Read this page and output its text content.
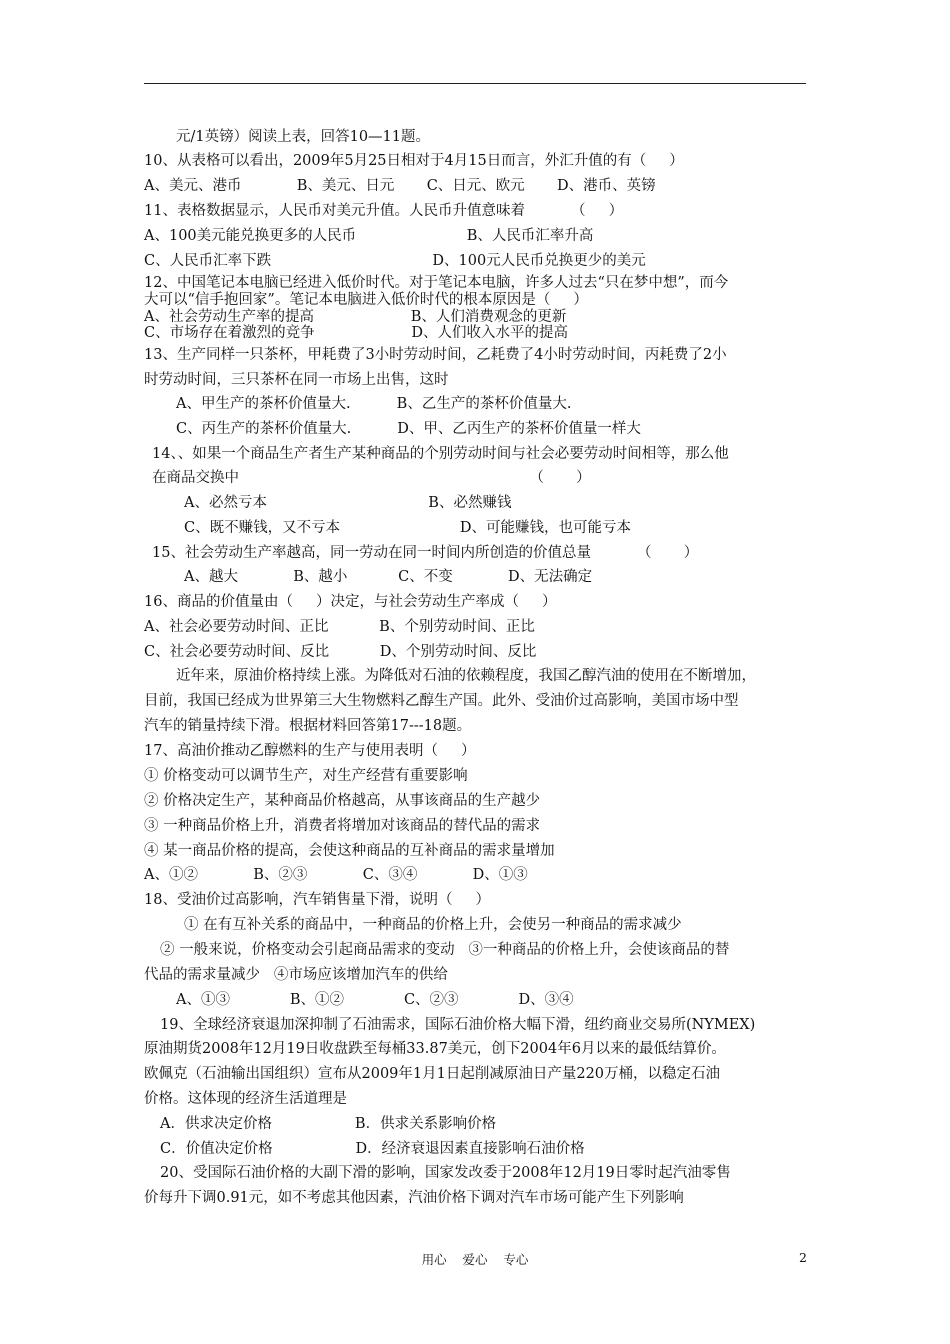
元/1英镑）阅读上表，回答10—11题。
10、从表格可以看出，2009年5月25日相对于4月15日而言，外汇升值的有（     ）
A、美元、港币            B、美元、日元       C、日元、欧元       D、港币、英镑
11、表格数据显示，人民币对美元升值。人民币升值意味着          （     ）
A、100美元能兑换更多的人民币                        B、人民币汇率升高
C、人民币汇率下跌                                   D、100元人民币兑换更少的美元
12、中国笔记本电脑已经进入低价时代。对于笔记本电脑，许多人过去“只在梦中想”，而今
大可以“信手抱回家”。笔记本电脑进入低价时代的根本原因是（     ）
A、社会劳动生产率的提高                     B、人们消费观念的更新
C、市场存在着激烈的竞争                     D、人们收入水平的提高
13、生产同样一只茶杯，甲耗费了3小时劳动时间，乙耗费了4小时劳动时间，丙耗费了2小
时劳动时间，三只茶杯在同一市场上出售，这时
A、甲生产的茶杯价值量大.          B、乙生产的茶杯价值量大.
C、丙生产的茶杯价值量大.          D、甲、乙丙生产的茶杯价值量一样大
14、、如果一个商品生产者生产某种商品的个别劳动时间与社会必要劳动时间相等，那么他
在商品交换中                                                               （       ）
A、必然亏本                                   B、必然赚钱
C、既不赚钱，又不亏本                          D、可能赚钱，也可能亏本
15、社会劳动生产率越高，同一劳动在同一时间内所创造的价值总量          （       ）
A、越大            B、越小           C、不变            D、无法确定
16、商品的价值量由（     ）决定，与社会劳动生产率成（     ）
A、社会必要劳动时间、正比           B、个别劳动时间、正比
C、社会必要劳动时间、反比           D、个别劳动时间、反比
近年来，原油价格持续上涨。为降低对石油的依赖程度，我国乙醇汽油的使用在不断增加，
目前，我国已经成为世界第三大生物燃料乙醇生产国。此外、受油价过高影响，美国市场中型
汽车的销量持续下滑。根据材料回答第17---18题。
17、高油价推动乙醇燃料的生产与使用表明（     ）
① 价格变动可以调节生产，对生产经营有重要影响
② 价格决定生产，某种商品价格越高，从事该商品的生产越少
③ 一种商品价格上升，消费者将增加对该商品的替代品的需求
④ 某一商品价格的提高，会使这种商品的互补商品的需求量增加
A、①②            B、②③            C、③④            D、①③
18、受油价过高影响，汽车销售量下滑，说明（     ）
① 在有互补关系的商品中，一种商品的价格上升，会使另一种商品的需求减少
② 一般来说，价格变动会引起商品需求的变动   ③一种商品的价格上升，会使该商品的替
代品的需求量减少   ④市场应该增加汽车的供给
A、①③             B、①②             C、②③             D、③④
19、全球经济衰退加深抑制了石油需求，国际石油价格大幅下滑，纽约商业交易所(NYMEX)
原油期货2008年12月19日收盘跌至每桶33.87美元，创下2004年6月以来的最低结算价。
欧佩克（石油输出国组织）宣布从2009年1月1日起削减原油日产量220万桶，以稳定石油
价格。这体现的经济生活道理是
A．供求决定价格                  B．供求关系影响价格
C．价值决定价格                  D．经济衰退因素直接影响石油价格
20、受国际石油价格的大副下滑的影响，国家发改委于2008年12月19日零时起汽油零售
价每升下调0.91元，如不考虑其他因素，汽油价格下调对汽车市场可能产生下列影响
用心    爱心    专心	2
